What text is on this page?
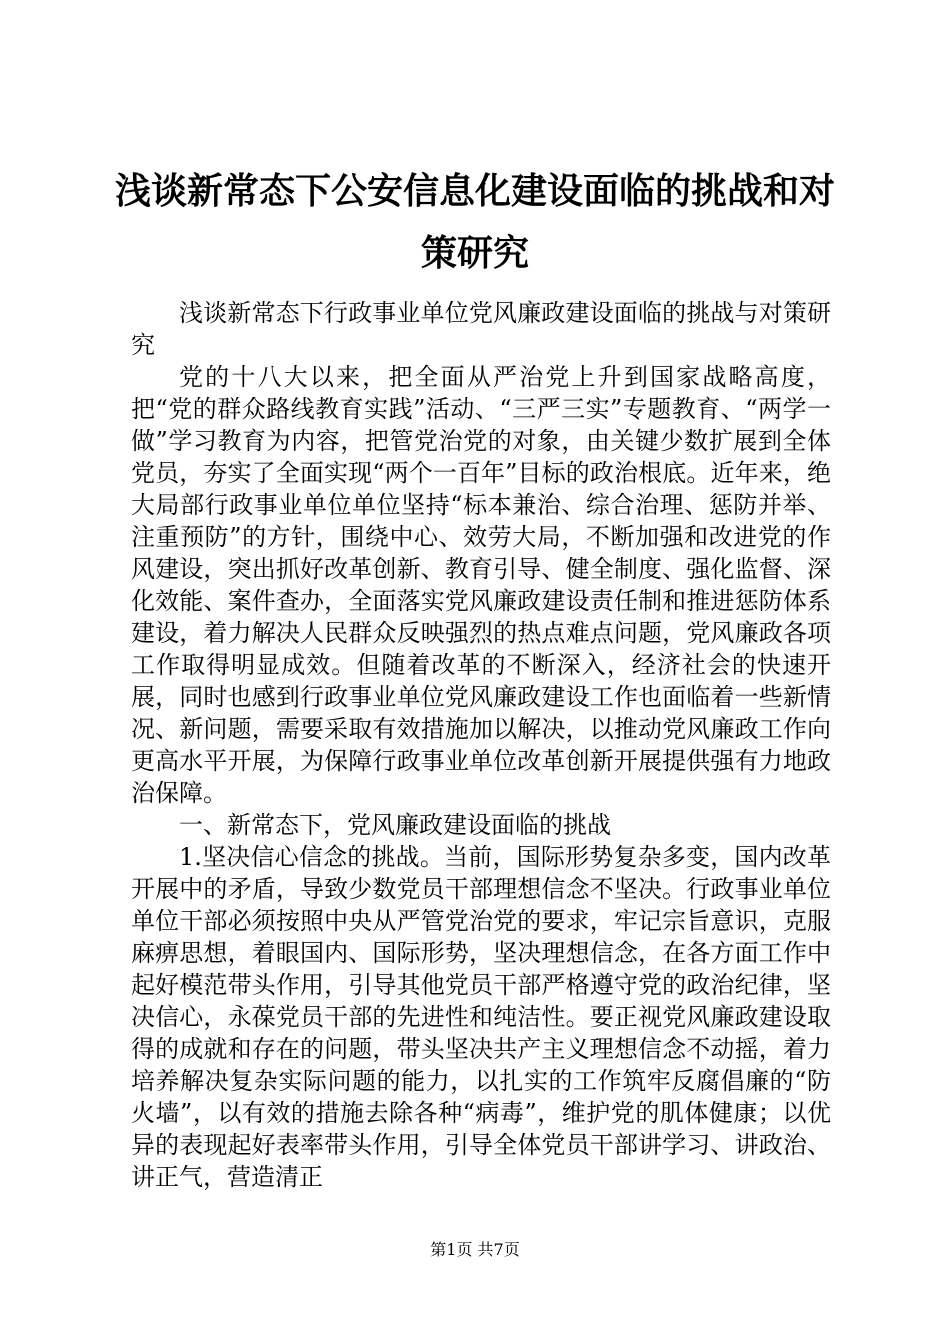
浅谈新常态下公安信息化建设面临的挑战和对策研究

浅谈新常态下行政事业单位党风廉政建设面临的挑战与对策研究

党的十八大以来，把全面从严治党上升到国家战略高度，把“党的群众路线教育实践”活动、“三严三实”专题教育、“两学一做”学习教育为内容，把管党治党的对象，由关键少数扩展到全体党员，夯实了全面实现“两个一百年”目标的政治根底。近年来，绝大局部行政事业单位单位坚持“标本兼治、综合治理、惩防并举、注重预防”的方针，围绕中心、效劳大局，不断加强和改进党的作风建设，突出抓好改革创新、教育引导、健全制度、强化监督、深化效能、案件查办，全面落实党风廉政建设责任制和推进惩防体系建设，着力解决人民群众反映强烈的热点难点问题，党风廉政各项工作取得明显成效。但随着改革的不断深入，经济社会的快速开展，同时也感到行政事业单位党风廉政建设工作也面临着一些新情况、新问题，需要采取有效措施加以解决，以推动党风廉政工作向更高水平开展，为保障行政事业单位改革创新开展提供强有力地政治保障。

一、新常态下，党风廉政建设面临的挑战

1.坚决信心信念的挑战。当前，国际形势复杂多变，国内改革开展中的矛盾，导致少数党员干部理想信念不坚决。行政事业单位单位干部必须按照中央从严管党治党的要求，牢记宗旨意识，克服麻痹思想，着眼国内、国际形势，坚决理想信念，在各方面工作中起好模范带头作用，引导其他党员干部严格遵守党的政治纪律，坚决信心，永葆党员干部的先进性和纯洁性。要正视党风廉政建设取得的成就和存在的问题，带头坚决共产主义理想信念不动摇，着力培养解决复杂实际问题的能力，以扎实的工作筑牢反腐倡廉的“防火墙”，以有效的措施去除各种“病毒”，维护党的肌体健康；以优异的表现起好表率带头作用，引导全体党员干部讲学习、讲政治、讲正气，营造清正

第1页 共7页
